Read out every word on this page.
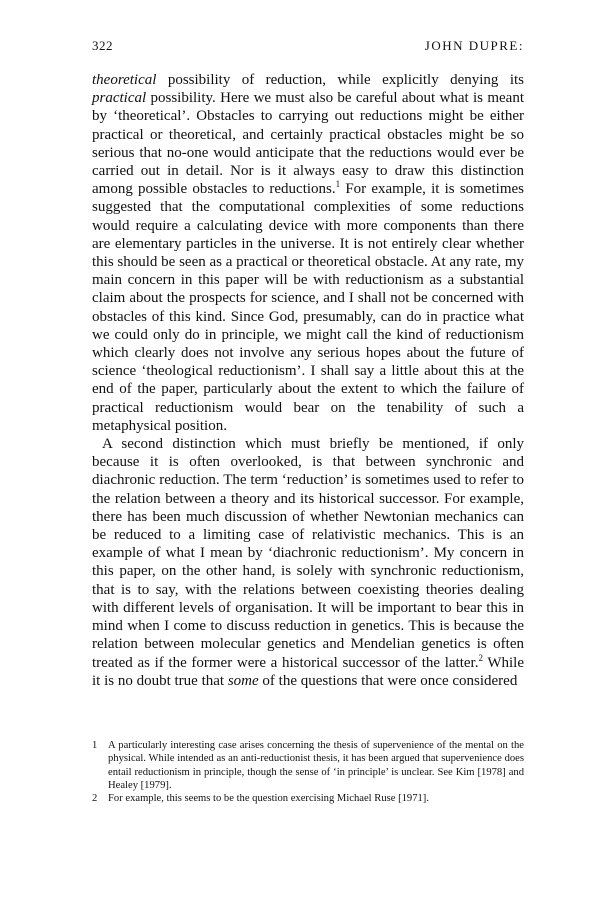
322	JOHN DUPRE:

theoretical possibility of reduction, while explicitly denying its practical possibility. Here we must also be careful about what is meant by ‘theoretical’. Obstacles to carrying out reductions might be either practical or theoretical, and certainly practical obstacles might be so serious that no-one would anticipate that the reductions would ever be carried out in detail. Nor is it always easy to draw this distinction among possible obstacles to reductions.$^1$ For example, it is sometimes suggested that the computational complexities of some reductions would require a calculating device with more components than there are elementary particles in the universe. It is not entirely clear whether this should be seen as a practical or theoretical obstacle. At any rate, my main concern in this paper will be with reductionism as a substantial claim about the prospects for science, and I shall not be concerned with obstacles of this kind. Since God, presumably, can do in practice what we could only do in principle, we might call the kind of reductionism which clearly does not involve any serious hopes about the future of science ‘theological reductionism’. I shall say a little about this at the end of the paper, particularly about the extent to which the failure of practical reductionism would bear on the tenability of such a metaphysical position.

A second distinction which must briefly be mentioned, if only because it is often overlooked, is that between synchronic and diachronic reduction. The term ‘reduction’ is sometimes used to refer to the relation between a theory and its historical successor. For example, there has been much discussion of whether Newtonian mechanics can be reduced to a limiting case of relativistic mechanics. This is an example of what I mean by ‘diachronic reductionism’. My concern in this paper, on the other hand, is solely with synchronic reductionism, that is to say, with the relations between coexisting theories dealing with different levels of organisation. It will be important to bear this in mind when I come to discuss reduction in genetics. This is because the relation between molecular genetics and Mendelian genetics is often treated as if the former were a historical successor of the latter.$^2$ While it is no doubt true that some of the questions that were once considered

1 A particularly interesting case arises concerning the thesis of supervenience of the mental on the physical. While intended as an anti-reductionist thesis, it has been argued that supervenience does entail reductionism in principle, though the sense of ‘in principle’ is unclear. See Kim [1978] and Healey [1979].
2 For example, this seems to be the question exercising Michael Ruse [1971].
